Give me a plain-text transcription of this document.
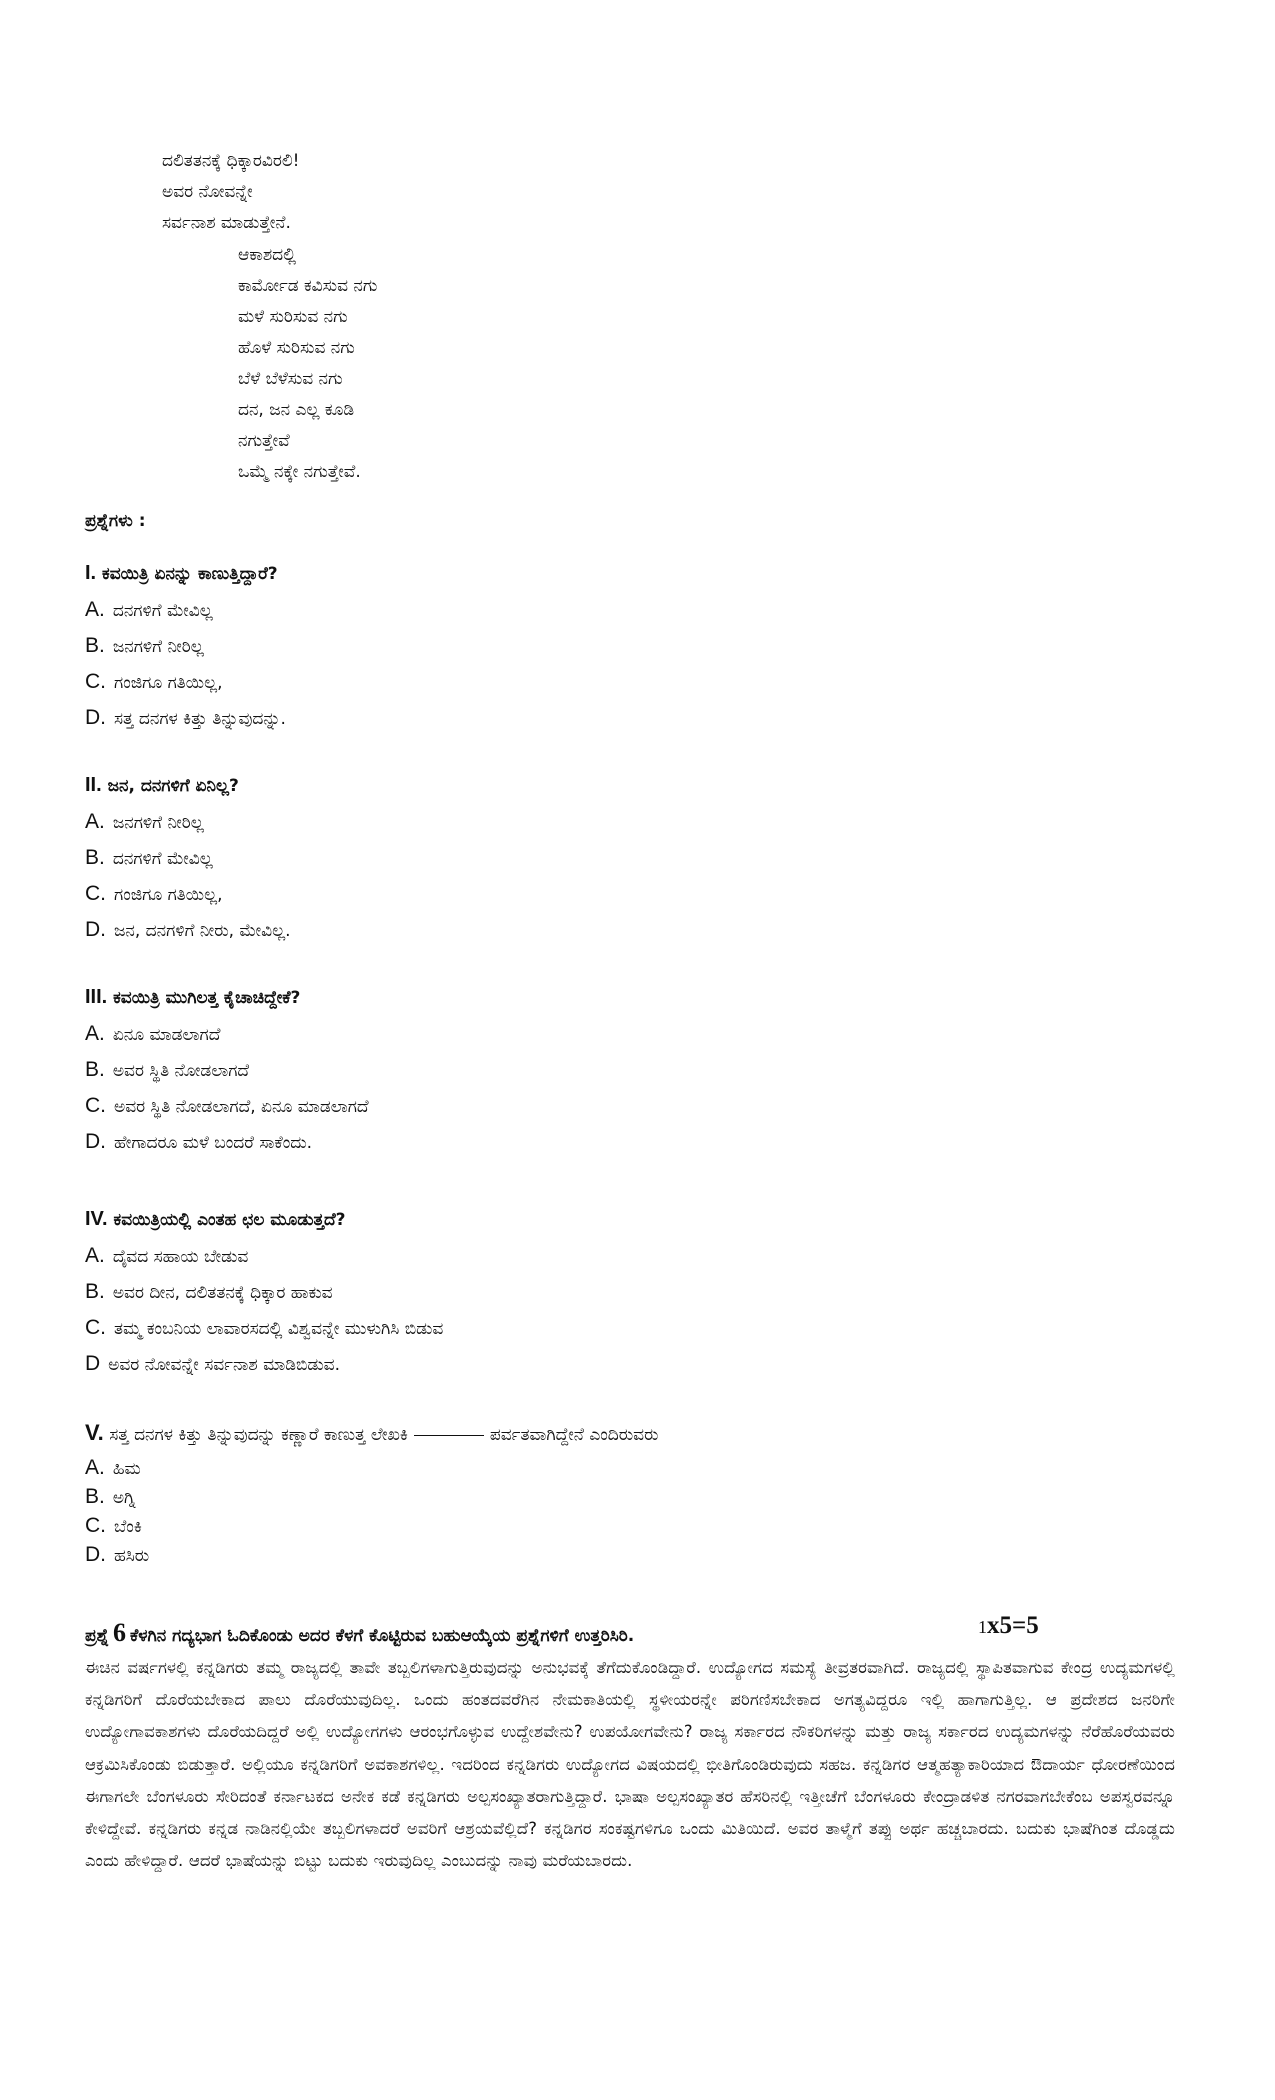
ದಲಿತತನಕ್ಕೆ ಧಿಕ್ಕಾರವಿರಲಿ!
ಅವರ ನೋವನ್ನೇ
ಸರ್ವನಾಶ ಮಾಡುತ್ತೇನೆ.
ಆಕಾಶದಲ್ಲಿ
ಕಾರ್ಮೋಡ ಕವಿಸುವ ನಗು
ಮಳೆ ಸುರಿಸುವ ನಗು
ಹೊಳೆ ಸುರಿಸುವ ನಗು
ಬೆಳೆ ಬೆಳೆಸುವ ನಗು
ದನ, ಜನ ಎಲ್ಲ ಕೂಡಿ
ನಗುತ್ತೇವೆ
ಒಮ್ಮೆ ನಕ್ಕೇ ನಗುತ್ತೇವೆ.
ಪ್ರಶ್ನೆಗಳು :
I. ಕವಯಿತ್ರಿ ಏನನ್ನು ಕಾಣುತ್ತಿದ್ದಾರೆ?
A. ದನಗಳಿಗೆ ಮೇವಿಲ್ಲ
B. ಜನಗಳಿಗೆ ನೀರಿಲ್ಲ
C. ಗಂಜಿಗೂ ಗತಿಯಿಲ್ಲ,
D. ಸತ್ತ ದನಗಳ ಕಿತ್ತು ತಿನ್ನುವುದನ್ನು.
II. ಜನ, ದನಗಳಿಗೆ ಏನಿಲ್ಲ?
A. ಜನಗಳಿಗೆ ನೀರಿಲ್ಲ
B. ದನಗಳಿಗೆ ಮೇವಿಲ್ಲ
C. ಗಂಜಿಗೂ ಗತಿಯಿಲ್ಲ,
D. ಜನ, ದನಗಳಿಗೆ ನೀರು, ಮೇವಿಲ್ಲ.
III. ಕವಯಿತ್ರಿ ಮುಗಿಲತ್ತ ಕೈಚಾಚಿದ್ದೇಕೆ?
A. ಏನೂ ಮಾಡಲಾಗದೆ
B. ಅವರ ಸ್ಥಿತಿ ನೋಡಲಾಗದೆ
C. ಅವರ ಸ್ಥಿತಿ ನೋಡಲಾಗದೆ, ಏನೂ ಮಾಡಲಾಗದೆ
D. ಹೇಗಾದರೂ ಮಳೆ ಬಂದರೆ ಸಾಕೆಂದು.
IV. ಕವಯಿತ್ರಿಯಲ್ಲಿ ಎಂತಹ ಛಲ ಮೂಡುತ್ತದೆ?
A. ದೈವದ ಸಹಾಯ ಬೇಡುವ
B. ಅವರ ದೀನ, ದಲಿತತನಕ್ಕೆ ಧಿಕ್ಕಾರ ಹಾಕುವ
C. ತಮ್ಮ ಕಂಬನಿಯ ಲಾವಾರಸದಲ್ಲಿ ವಿಶ್ವವನ್ನೇ ಮುಳುಗಿಸಿ ಬಿಡುವ
D ಅವರ ನೋವನ್ನೇ ಸರ್ವನಾಶ ಮಾಡಿಬಿಡುವ.
V. ಸತ್ತ ದನಗಳ ಕಿತ್ತು ತಿನ್ನುವುದನ್ನು ಕಣ್ಣಾರೆ ಕಾಣುತ್ತ ಲೇಖಕಿ	ಪರ್ವತವಾಗಿದ್ದೇನೆ ಎಂದಿರುವರು
A. ಹಿಮ
B. ಅಗ್ನಿ
C. ಬೆಂಕಿ
D. ಹಸಿರು
ಪ್ರಶ್ನೆ 6 ಕೆಳಗಿನ ಗದ್ಯಭಾಗ ಓದಿಕೊಂಡು ಅದರ ಕೆಳಗೆ ಕೊಟ್ಟಿರುವ ಬಹುಆಯ್ಕೆಯ ಪ್ರಶ್ನೆಗಳಿಗೆ ಉತ್ತರಿಸಿರಿ.	1x5=5
ಈಚಿನ ವರ್ಷಗಳಲ್ಲಿ ಕನ್ನಡಿಗರು ತಮ್ಮ ರಾಜ್ಯದಲ್ಲಿ ತಾವೇ ತಬ್ಬಲಿಗಳಾಗುತ್ತಿರುವುದನ್ನು ಅನುಭವಕ್ಕೆ ತೆಗೆದುಕೊಂಡಿದ್ದಾರೆ. ಉದ್ಯೋಗದ ಸಮಸ್ಯೆ ತೀವ್ರತರವಾಗಿದೆ. ರಾಜ್ಯದಲ್ಲಿ ಸ್ಥಾಪಿತವಾಗುವ ಕೇಂದ್ರ ಉದ್ಯಮಗಳಲ್ಲಿ ಕನ್ನಡಿಗರಿಗೆ ದೊರೆಯಬೇಕಾದ ಪಾಲು ದೊರೆಯುವುದಿಲ್ಲ. ಒಂದು ಹಂತದವರೆಗಿನ ನೇಮಕಾತಿಯಲ್ಲಿ ಸ್ಥಳೀಯರನ್ನೇ ಪರಿಗಣಿಸಬೇಕಾದ ಅಗತ್ಯವಿದ್ದರೂ ಇಲ್ಲಿ ಹಾಗಾಗುತ್ತಿಲ್ಲ. ಆ ಪ್ರದೇಶದ ಜನರಿಗೇ ಉದ್ಯೋಗಾವಕಾಶಗಳು ದೊರೆಯದಿದ್ದರೆ ಅಲ್ಲಿ ಉದ್ಯೋಗಗಳು ಆರಂಭಗೊಳ್ಳುವ ಉದ್ದೇಶವೇನು? ಉಪಯೋಗವೇನು? ರಾಜ್ಯ ಸರ್ಕಾರದ ನೌಕರಿಗಳನ್ನು ಮತ್ತು ರಾಜ್ಯ ಸರ್ಕಾರದ ಉದ್ಯಮಗಳನ್ನು ನೆರೆಹೊರೆಯವರು ಆಕ್ರಮಿಸಿಕೊಂಡು ಬಿಡುತ್ತಾರೆ. ಅಲ್ಲಿಯೂ ಕನ್ನಡಿಗರಿಗೆ ಅವಕಾಶಗಳಿಲ್ಲ. ಇದರಿಂದ ಕನ್ನಡಿಗರು ಉದ್ಯೋಗದ ವಿಷಯದಲ್ಲಿ ಭೀತಿಗೊಂಡಿರುವುದು ಸಹಜ. ಕನ್ನಡಿಗರ ಆತ್ಮಹತ್ಯಾಕಾರಿಯಾದ ಔದಾರ್ಯ ಧೋರಣೆಯಿಂದ ಈಗಾಗಲೇ ಬೆಂಗಳೂರು ಸೇರಿದಂತೆ ಕರ್ನಾಟಕದ ಅನೇಕ ಕಡೆ ಕನ್ನಡಿಗರು ಅಲ್ಪಸಂಖ್ಯಾತರಾಗುತ್ತಿದ್ದಾರೆ. ಭಾಷಾ ಅಲ್ಪಸಂಖ್ಯಾತರ ಹೆಸರಿನಲ್ಲಿ ಇತ್ತೀಚೆಗೆ ಬೆಂಗಳೂರು ಕೇಂದ್ರಾಡಳಿತ ನಗರವಾಗಬೇಕೆಂಬ ಅಪಸ್ವರವನ್ನೂ ಕೇಳಿದ್ದೇವೆ. ಕನ್ನಡಿಗರು ಕನ್ನಡ ನಾಡಿನಲ್ಲಿಯೇ ತಬ್ಬಲಿಗಳಾದರೆ ಅವರಿಗೆ ಆಶ್ರಯವೆಲ್ಲಿದೆ? ಕನ್ನಡಿಗರ ಸಂಕಷ್ಟಗಳಿಗೂ ಒಂದು ಮಿತಿಯಿದೆ. ಅವರ ತಾಳ್ಮೆಗೆ ತಪ್ಪು ಅರ್ಥ ಹಚ್ಚಬಾರದು. ಬದುಕು ಭಾಷೆಗಿಂತ ದೊಡ್ಡದು ಎಂದು ಹೇಳಿದ್ದಾರೆ. ಆದರೆ ಭಾಷೆಯನ್ನು ಬಿಟ್ಟು ಬದುಕು ಇರುವುದಿಲ್ಲ ಎಂಬುದನ್ನು ನಾವು ಮರೆಯಬಾರದು.
